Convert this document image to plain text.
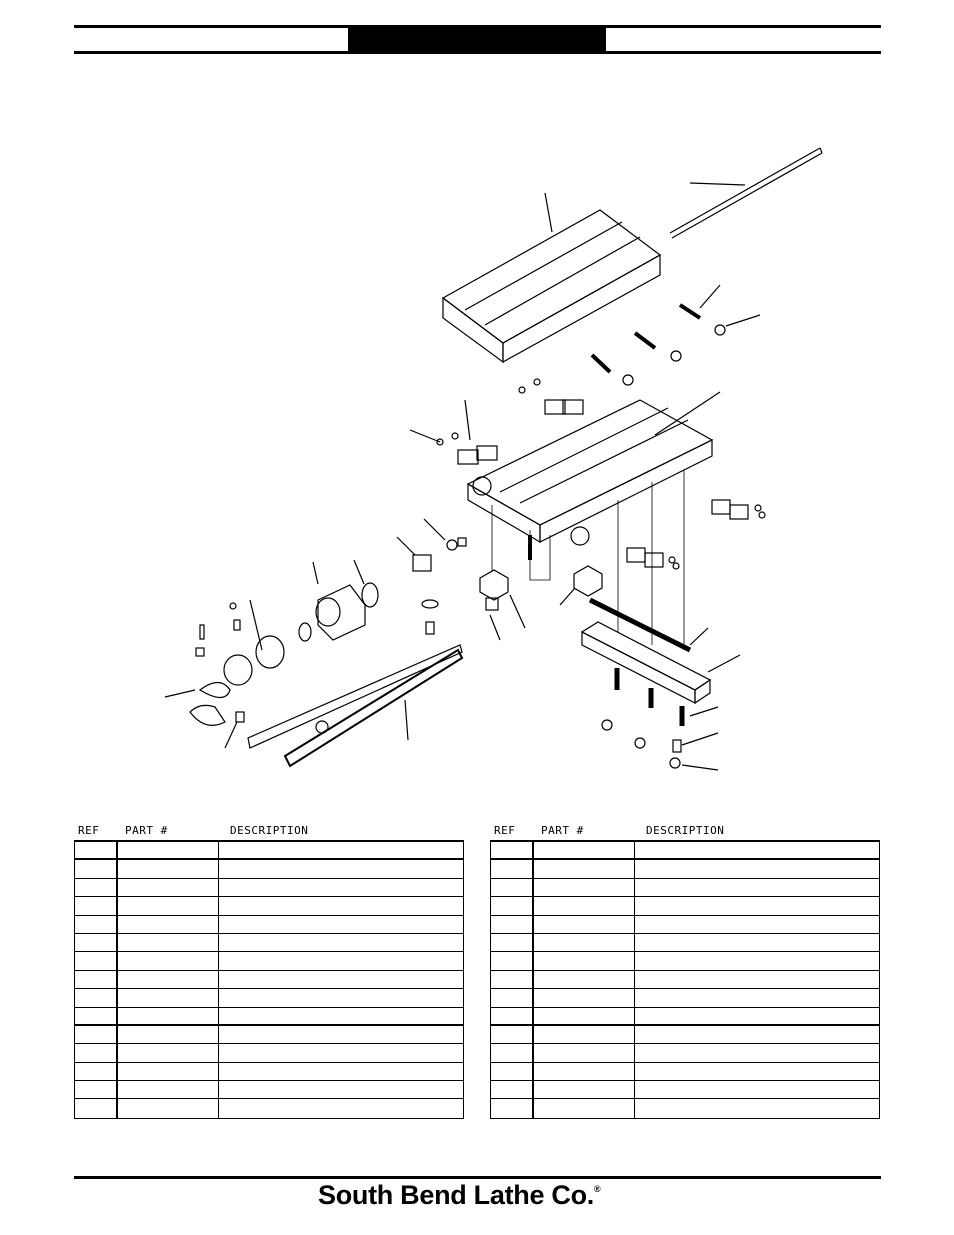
REF	PART #	DESCRIPTION	REF	PART #	DESCRIPTION
South Bend Lathe Co.®
